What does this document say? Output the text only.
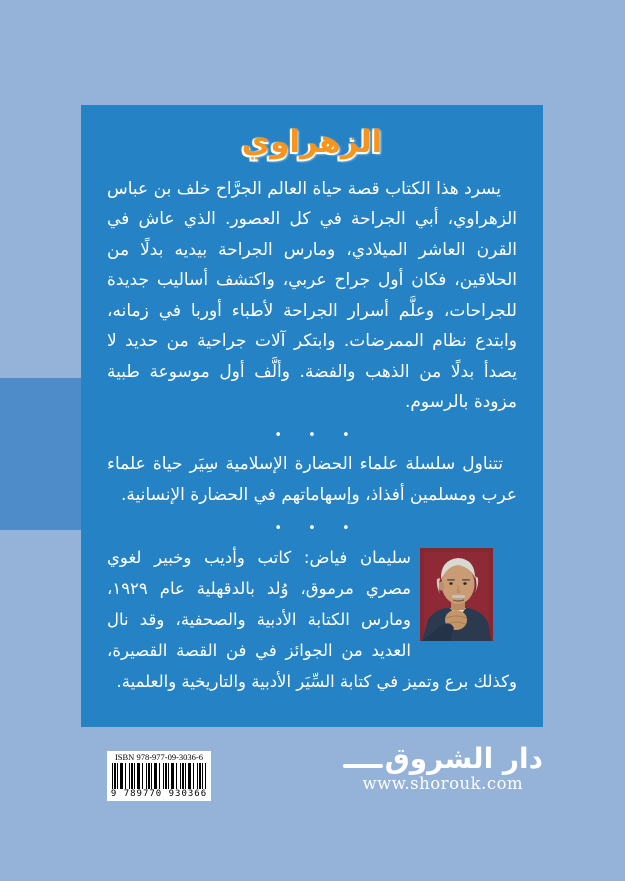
الزهراوي

يسرد هذا الكتاب قصة حياة العالم الجرَّاح خلف بن عباس الزهراوي، أبي الجراحة في كل العصور. الذي عاش في القرن العاشر الميلادي، ومارس الجراحة بيديه بدلًا من الحلاقين، فكان أول جراح عربي، واكتشف أساليب جديدة للجراحات، وعلَّم أسرار الجراحة لأطباء أوربا في زمانه، وابتدع نظام الممرضات. وابتكر آلات جراحية من حديد لا يصدأ بدلًا من الذهب والفضة. وألَّف أول موسوعة طبية مزودة بالرسوم.

• • •

تتناول سلسلة علماء الحضارة الإسلامية سِيَر حياة علماء عرب ومسلمين أفذاذ، وإسهاماتهم في الحضارة الإنسانية.

• • •
سليمان فياض: كاتب وأديب وخبير لغوي مصري مرموق، وُلد بالدقهلية عام ١٩٢٩، ومارس الكتابة الأدبية والصحفية، وقد نال العديد من الجوائز في فن القصة القصيرة، وكذلك برع وتميز في كتابة السِّيَر الأدبية والتاريخية والعلمية.
ISBN 978-977-09-3036-6
9 789770 930366
دار الشروق
www.shorouk.com
